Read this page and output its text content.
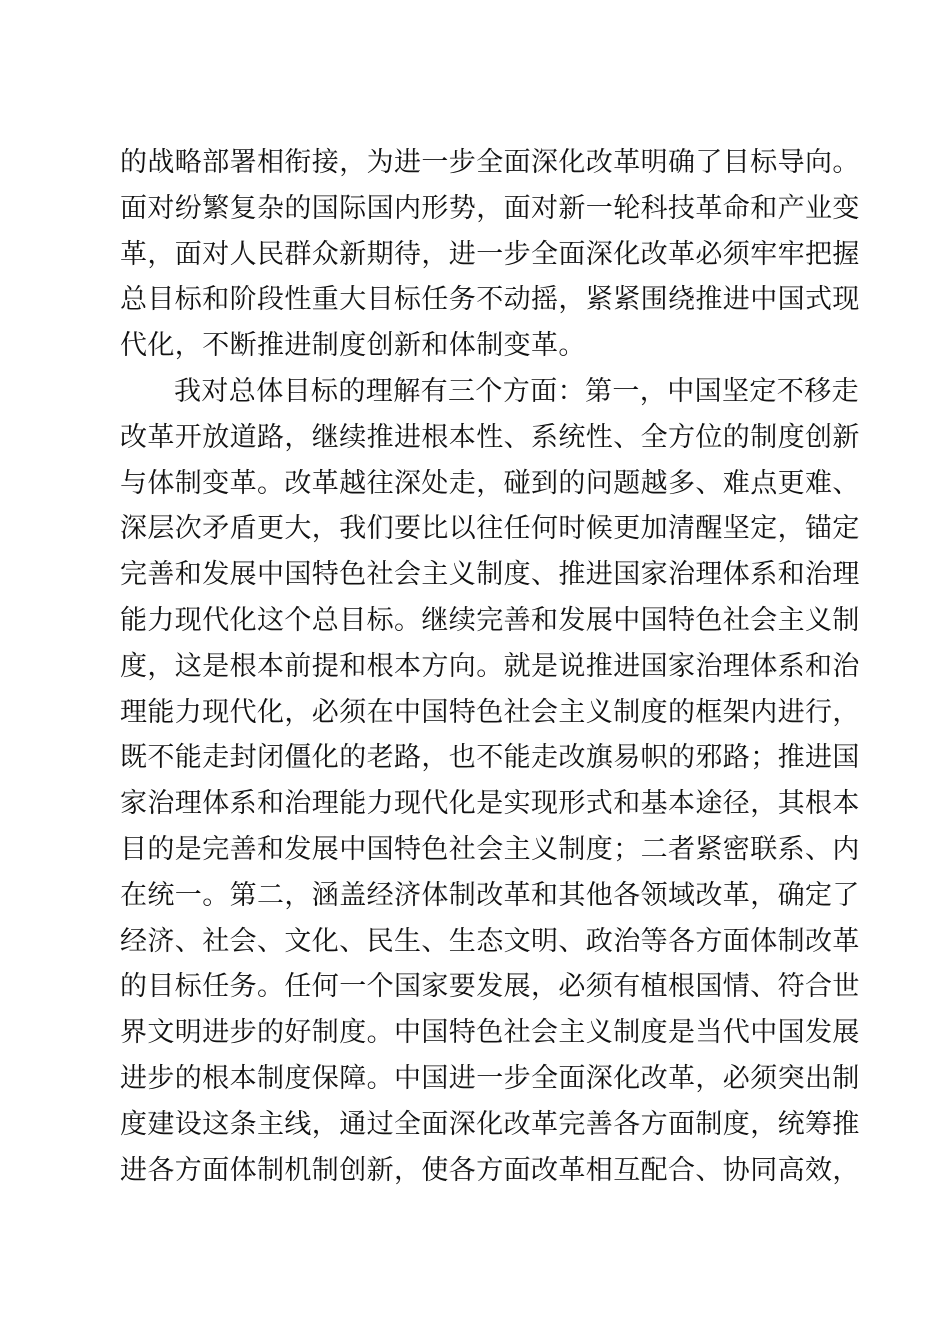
的战略部署相衔接，为进一步全面深化改革明确了目标导向。
面对纷繁复杂的国际国内形势，面对新一轮科技革命和产业变
革，面对人民群众新期待，进一步全面深化改革必须牢牢把握
总目标和阶段性重大目标任务不动摇，紧紧围绕推进中国式现
代化，不断推进制度创新和体制变革。
我对总体目标的理解有三个方面：第一，中国坚定不移走
改革开放道路，继续推进根本性、系统性、全方位的制度创新
与体制变革。改革越往深处走，碰到的问题越多、难点更难、
深层次矛盾更大，我们要比以往任何时候更加清醒坚定，锚定
完善和发展中国特色社会主义制度、推进国家治理体系和治理
能力现代化这个总目标。继续完善和发展中国特色社会主义制
度，这是根本前提和根本方向。就是说推进国家治理体系和治
理能力现代化，必须在中国特色社会主义制度的框架内进行，
既不能走封闭僵化的老路，也不能走改旗易帜的邪路；推进国
家治理体系和治理能力现代化是实现形式和基本途径，其根本
目的是完善和发展中国特色社会主义制度；二者紧密联系、内
在统一。第二，涵盖经济体制改革和其他各领域改革，确定了
经济、社会、文化、民生、生态文明、政治等各方面体制改革
的目标任务。任何一个国家要发展，必须有植根国情、符合世
界文明进步的好制度。中国特色社会主义制度是当代中国发展
进步的根本制度保障。中国进一步全面深化改革，必须突出制
度建设这条主线，通过全面深化改革完善各方面制度，统筹推
进各方面体制机制创新，使各方面改革相互配合、协同高效，
